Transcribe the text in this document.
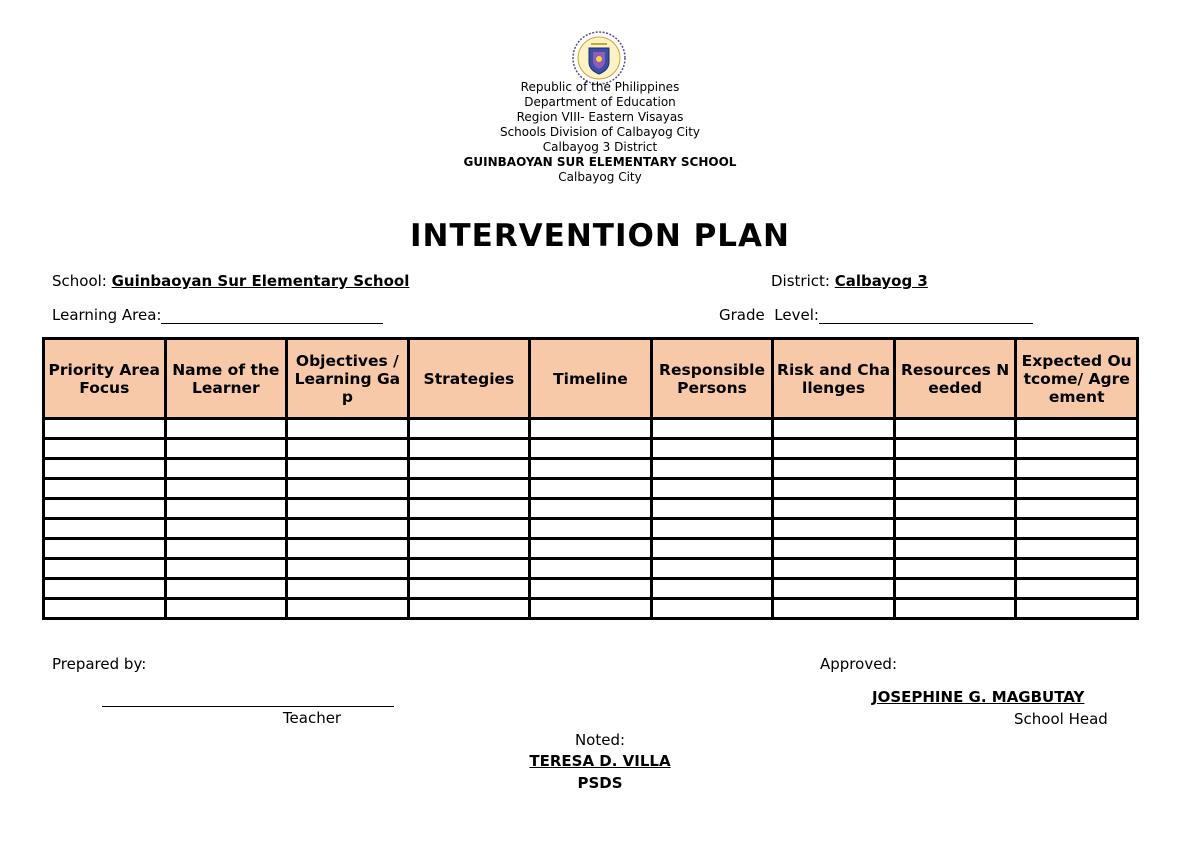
Republic of the Philippines
Department of Education
Region VIII- Eastern Visayas
Schools Division of Calbayog City
Calbayog 3 District
GUINBAOYAN SUR ELEMENTARY SCHOOL
Calbayog City
INTERVENTION PLAN
School: Guinbaoyan Sur Elementary School	District: Calbayog 3
Learning Area:	Grade  Level:
Priority Area Focus	Name of the Learner	Objectives / Learning Gap	Strategies	Timeline	Responsible Persons	Risk and Challenges	Resources Needed	Expected Outcome/ Agreement

Prepared by:
Teacher
Approved:
JOSEPHINE G. MAGBUTAY
School Head
Noted:
TERESA D. VILLA
PSDS
